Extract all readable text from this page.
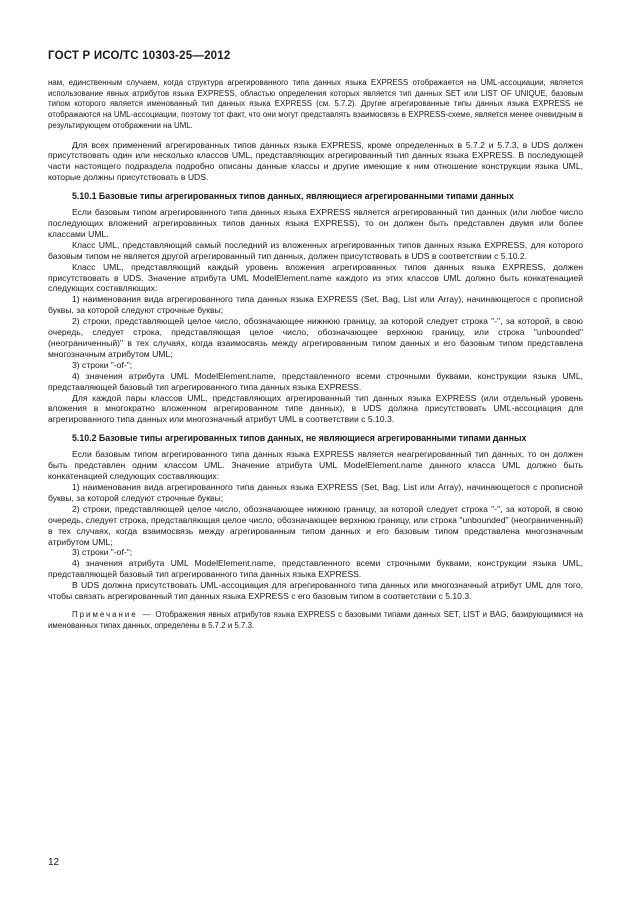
ГОСТ Р ИСО/ТС 10303-25—2012

нам, единственным случаем, когда структура агрегированного типа данных языка EXPRESS отображается на UML-ассоциации, является использование явных атрибутов языка EXPRESS, областью определения которых является тип данных SET или LIST OF UNIQUE, базовым типом которого является именованный тип данных языка EXPRESS (см. 5.7.2). Другие агрегированные типы данных языка EXPRESS не отображаются на UML-ассоциации, поэтому тот факт, что они могут представлять взаимосвязь в EXPRESS-схеме, является менее очевидным в результирующем отображении на UML.

Для всех применений агрегированных типов данных языка EXPRESS, кроме определенных в 5.7.2 и 5.7.3, в UDS должен присутствовать один или несколько классов UML, представляющих агрегированный тип данных языка EXPRESS. В последующей части настоящего подраздела подробно описаны данные классы и другие имеющие к ним отношение конструкции языка UML, которые должны присутствовать в UDS.

5.10.1 Базовые типы агрегированных типов данных, являющиеся агрегированными типами данных

Если базовым типом агрегированного типа данных языка EXPRESS является агрегированный тип данных (или любое число последующих вложений агрегированных типов данных языка EXPRESS), то он должен быть представлен двумя или более классами UML.

Класс UML, представляющий самый последний из вложенных агрегированных типов данных языка EXPRESS, для которого базовым типом не является другой агрегированный тип данных, должен присутствовать в UDS в соответствии с 5.10.2.

Класс UML, представляющий каждый уровень вложения агрегированных типов данных языка EXPRESS, должен присутствовать в UDS. Значение атрибута UML ModelElement.name каждого из этих классов UML должно быть конкатенацией следующих составляющих:

1) наименования вида агрегированного типа данных языка EXPRESS (Set, Bag, List или Array), начинающегося с прописной буквы, за которой следуют строчные буквы;

2) строки, представляющей целое число, обозначающее нижнюю границу, за которой следует строка "-", за которой, в свою очередь, следует строка, представляющая целое число, обозначающее верхнюю границу, или строка "unbounded" (неограниченный)" в тех случаях, когда взаимосвязь между агрегированным типом данных и его базовым типом представлена многозначным атрибутом UML;

3) строки "-of-";

4) значения атрибута UML ModelElement.name, представленного всеми строчными буквами, конструкции языка UML, представляющей базовый тип агрегированного типа данных языка EXPRESS.

Для каждой пары классов UML, представляющих агрегированный тип данных языка EXPRESS (или отдельный уровень вложения в многократно вложенном агрегированном типе данных), в UDS должна присутствовать UML-ассоциация для агрегированного типа данных или многозначный атрибут UML в соответствии с 5.10.3.

5.10.2 Базовые типы агрегированных типов данных, не являющиеся агрегированными типами данных

Если базовым типом агрегированного типа данных языка EXPRESS является неагрегированный тип данных, то он должен быть представлен одним классом UML. Значение атрибута UML ModelElement.name данного класса UML должно быть конкатенацией следующих составляющих:

1) наименования вида агрегированного типа данных языка EXPRESS (Set, Bag, List или Array), начинающегося с прописной буквы, за которой следуют строчные буквы;

2) строки, представляющей целое число, обозначающее нижнюю границу, за которой следует строка "-", за которой, в свою очередь, следует строка, представляющая целое число, обозначающее верхнюю границу, или строка "unbounded" (неограниченный) в тех случаях, когда взаимосвязь между агрегированным типом данных и его базовым типом представлена многозначным атрибутом UML;

3) строки "-of-";

4) значения атрибута UML ModelElement.name, представленного всеми строчными буквами, конструкции языка UML, представляющей базовый тип агрегированного типа данных языка EXPRESS.

В UDS должна присутствовать UML-ассоциация для агрегированного типа данных или многозначный атрибут UML для того, чтобы связать агрегированный тип данных языка EXPRESS с его базовым типом в соответствии с 5.10.3.

Примечание — Отображения явных атрибутов языка EXPRESS с базовыми типами данных SET, LIST и BAG, базирующимися на именованных типах данных, определены в 5.7.2 и 5.7.3.

12
